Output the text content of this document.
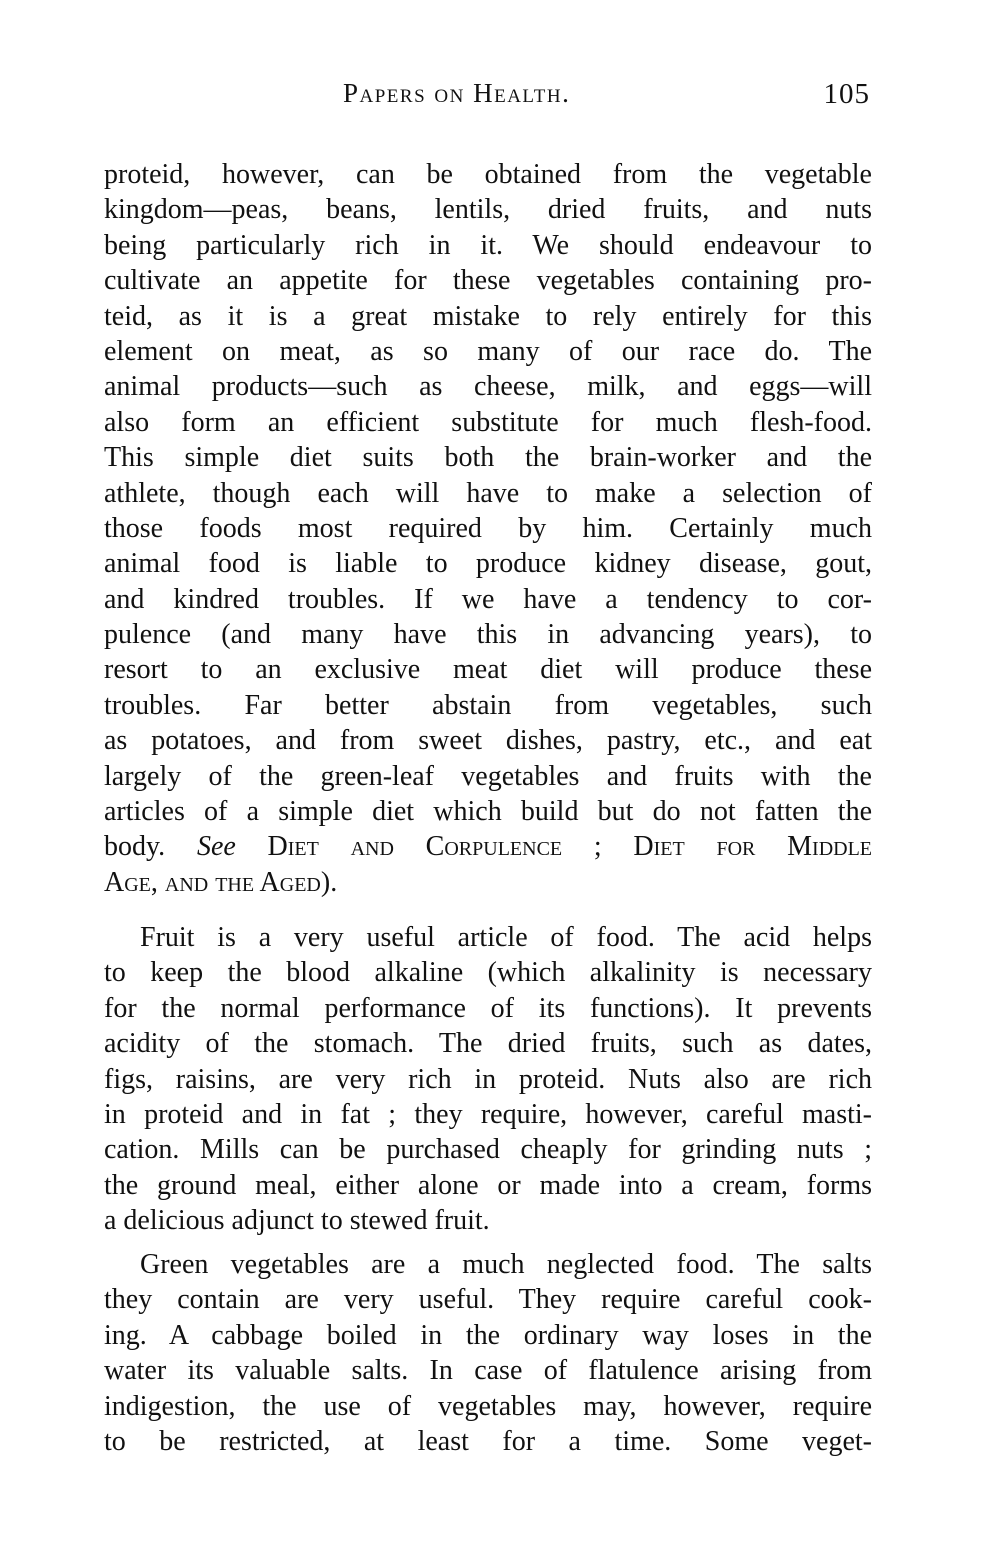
Papers on Health.	105
proteid, however, can be obtained from the vegetable
kingdom—peas, beans, lentils, dried fruits, and nuts
being particularly rich in it. We should endeavour to
cultivate an appetite for these vegetables containing pro-
teid, as it is a great mistake to rely entirely for this
element on meat, as so many of our race do. The
animal products—such as cheese, milk, and eggs—will
also form an efficient substitute for much flesh-food.
This simple diet suits both the brain-worker and the
athlete, though each will have to make a selection of
those foods most required by him. Certainly much
animal food is liable to produce kidney disease, gout,
and kindred troubles. If we have a tendency to cor-
pulence (and many have this in advancing years), to
resort to an exclusive meat diet will produce these
troubles. Far better abstain from vegetables, such
as potatoes, and from sweet dishes, pastry, etc., and eat
largely of the green-leaf vegetables and fruits with the
articles of a simple diet which build but do not fatten the
body. See Diet and Corpulence ; Diet for Middle
Age, and the Aged).
Fruit is a very useful article of food. The acid helps
to keep the blood alkaline (which alkalinity is necessary
for the normal performance of its functions). It prevents
acidity of the stomach. The dried fruits, such as dates,
figs, raisins, are very rich in proteid. Nuts also are rich
in proteid and in fat ; they require, however, careful masti-
cation. Mills can be purchased cheaply for grinding nuts ;
the ground meal, either alone or made into a cream, forms
a delicious adjunct to stewed fruit.
Green vegetables are a much neglected food. The salts
they contain are very useful. They require careful cook-
ing. A cabbage boiled in the ordinary way loses in the
water its valuable salts. In case of flatulence arising from
indigestion, the use of vegetables may, however, require
to be restricted, at least for a time. Some veget-
